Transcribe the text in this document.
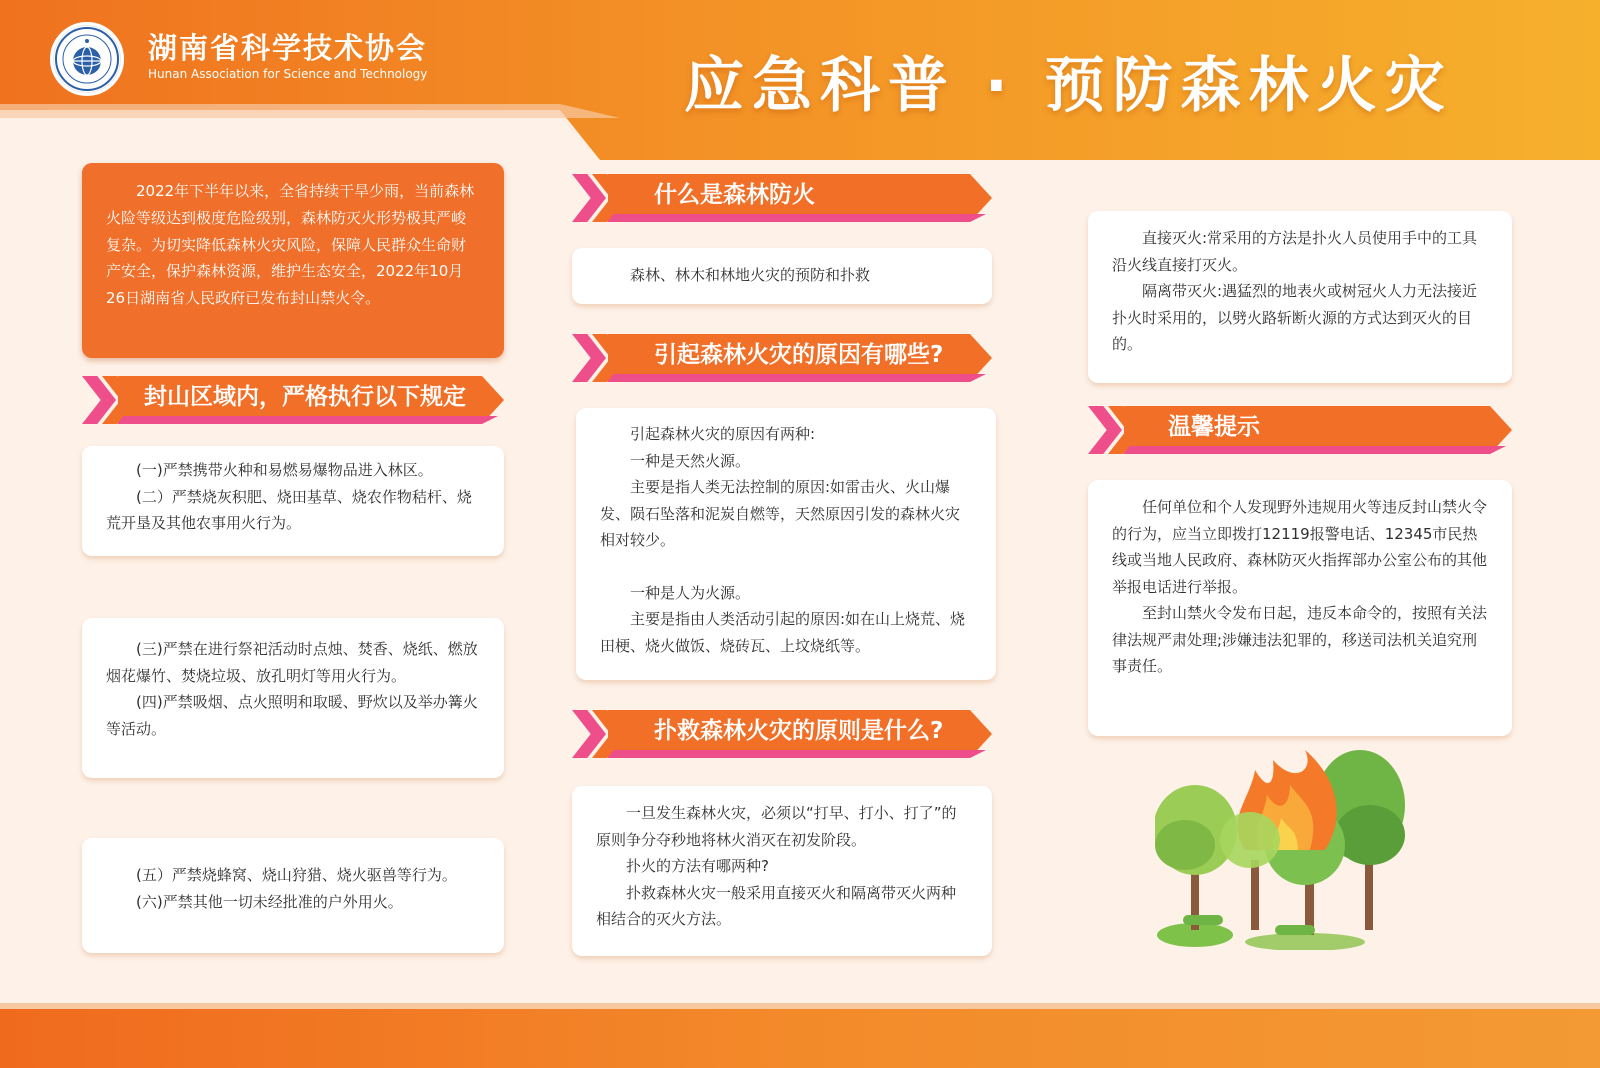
湖南省科学技术协会
Hunan Association for Science and Technology	应急科普 · 预防森林火灾

2022年下半年以来，全省持续干旱少雨，当前森林火险等级达到极度危险级别，森林防灭火形势极其严峻复杂。为切实降低森林火灾风险，保障人民群众生命财产安全，保护森林资源，维护生态安全，2022年10月26日湖南省人民政府已发布封山禁火令。

封山区域内，严格执行以下规定

(一)严禁携带火种和易燃易爆物品进入林区。

(二）严禁烧灰积肥、烧田基草、烧农作物秸杆、烧荒开垦及其他农事用火行为。

(三)严禁在进行祭祀活动时点烛、焚香、烧纸、燃放烟花爆竹、焚烧垃圾、放孔明灯等用火行为。

(四)严禁吸烟、点火照明和取暖、野炊以及举办篝火等活动。

(五）严禁烧蜂窝、烧山狩猎、烧火驱兽等行为。

(六)严禁其他一切未经批准的户外用火。

什么是森林防火
森林、林木和林地火灾的预防和扑救
引起森林火灾的原因有哪些?

引起森林火灾的原因有两种:

一种是天然火源。

主要是指人类无法控制的原因:如雷击火、火山爆发、陨石坠落和泥炭自燃等，天然原因引发的森林火灾相对较少。

一种是人为火源。

主要是指由人类活动引起的原因:如在山上烧荒、烧田梗、烧火做饭、烧砖瓦、上坟烧纸等。

扑救森林火灾的原则是什么?

一旦发生森林火灾，必须以“打早、打小、打了”的原则争分夺秒地将林火消灭在初发阶段。

扑火的方法有哪两种?

扑救森林火灾一般采用直接灭火和隔离带灭火两种相结合的灭火方法。

直接灭火:常采用的方法是扑火人员使用手中的工具沿火线直接打灭火。

隔离带灭火:遇猛烈的地表火或树冠火人力无法接近扑火时采用的，以劈火路斩断火源的方式达到灭火的目的。

温馨提示

任何单位和个人发现野外违规用火等违反封山禁火令的行为，应当立即拨打12119报警电话、12345市民热线或当地人民政府、森林防灭火指挥部办公室公布的其他举报电话进行举报。

至封山禁火令发布日起，违反本命令的，按照有关法律法规严肃处理;涉嫌违法犯罪的，移送司法机关追究刑事责任。
